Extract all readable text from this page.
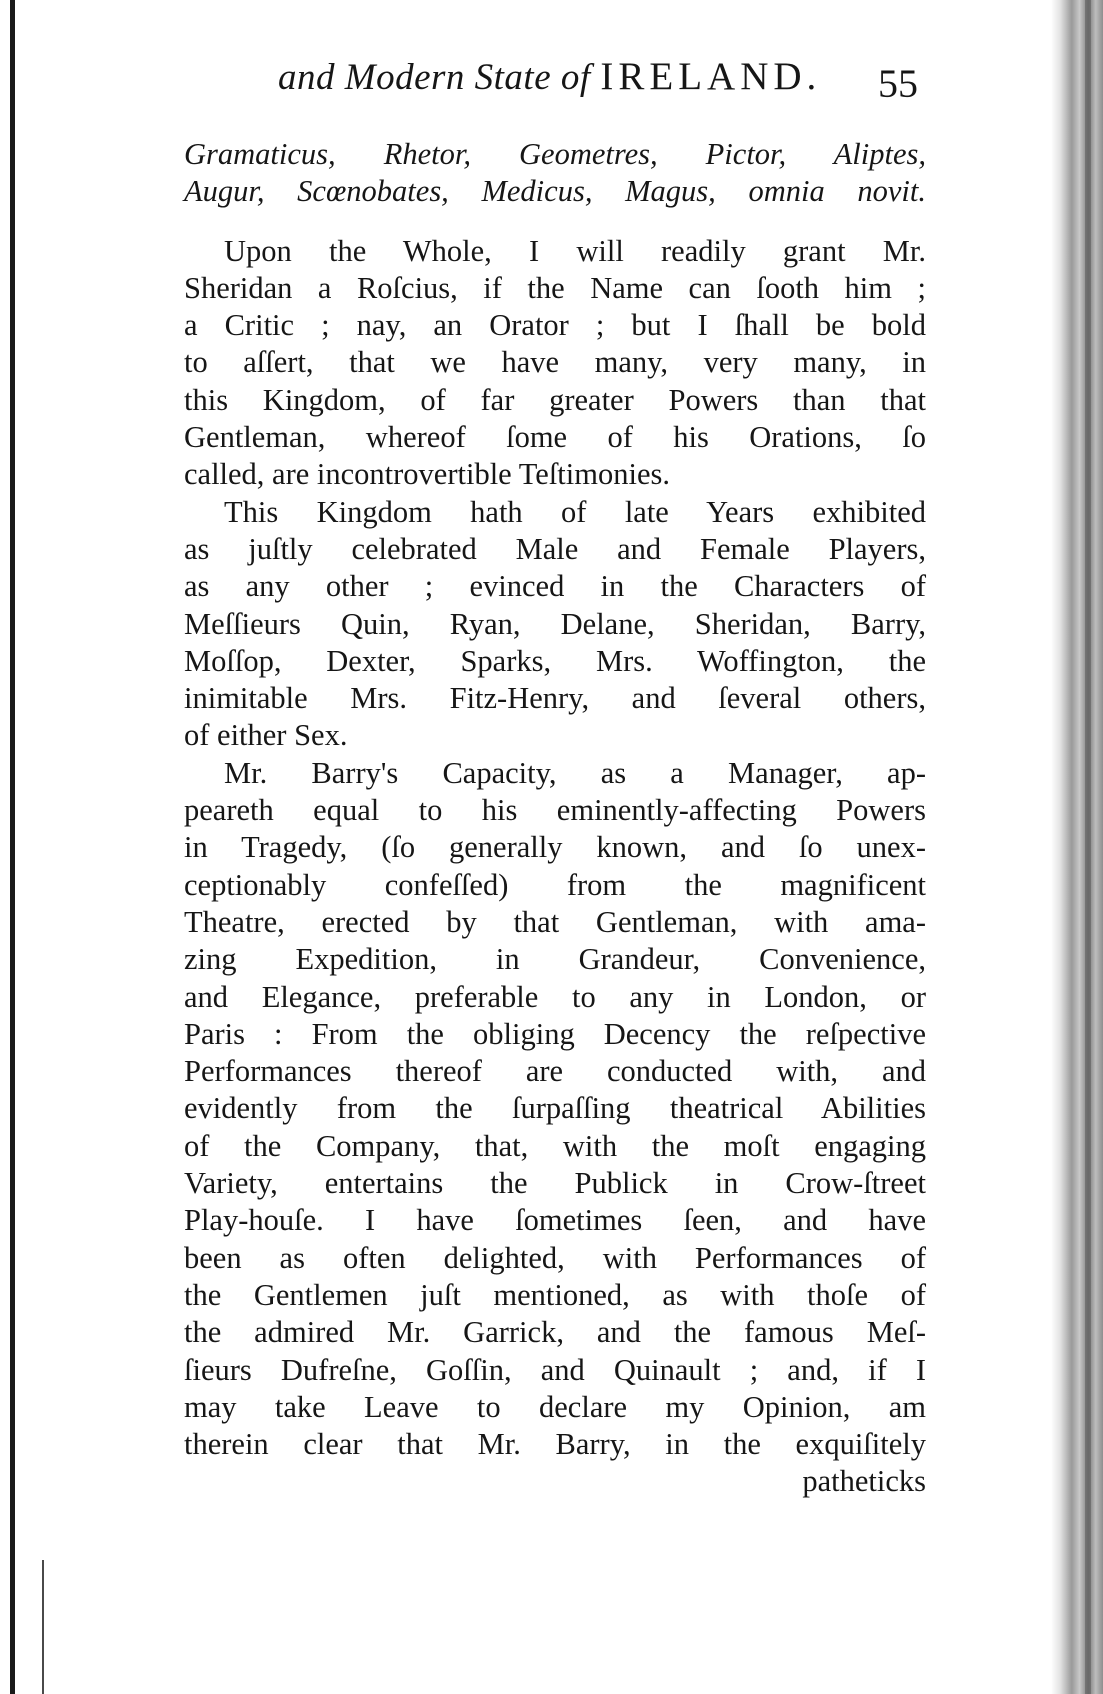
and Modern State of IRELAND. 55
Gramaticus, Rhetor, Geometres, Pictor, Aliptes,
Augur, Scœnobates, Medicus, Magus, omnia novit.
Upon the Whole, I will readily grant Mr.
Sheridan a Roſcius, if the Name can ſooth him ;
a Critic ; nay, an Orator ; but I ſhall be bold
to aſſert, that we have many, very many, in
this Kingdom, of far greater Powers than that
Gentleman, whereof ſome of his Orations, ſo
called, are incontrovertible Teſtimonies.
This Kingdom hath of late Years exhibited
as juſtly celebrated Male and Female Players,
as any other ; evinced in the Characters of
Meſſieurs Quin, Ryan, Delane, Sheridan, Barry,
Moſſop, Dexter, Sparks, Mrs. Woffington, the
inimitable Mrs. Fitz-Henry, and ſeveral others,
of either Sex.
Mr. Barry's Capacity, as a Manager, ap-
peareth equal to his eminently-affecting Powers
in Tragedy, (ſo generally known, and ſo unex-
ceptionably confeſſed) from the magnificent
Theatre, erected by that Gentleman, with ama-
zing Expedition, in Grandeur, Convenience,
and Elegance, preferable to any in London, or
Paris : From the obliging Decency the reſpective
Performances thereof are conducted with, and
evidently from the ſurpaſſing theatrical Abilities
of the Company, that, with the moſt engaging
Variety, entertains the Publick in Crow-ſtreet
Play-houſe. I have ſometimes ſeen, and have
been as often delighted, with Performances of
the Gentlemen juſt mentioned, as with thoſe of
the admired Mr. Garrick, and the famous Meſ-
ſieurs Dufreſne, Goſſin, and Quinault ; and, if I
may take Leave to declare my Opinion, am
therein clear that Mr. Barry, in the exquiſitely
patheticks
